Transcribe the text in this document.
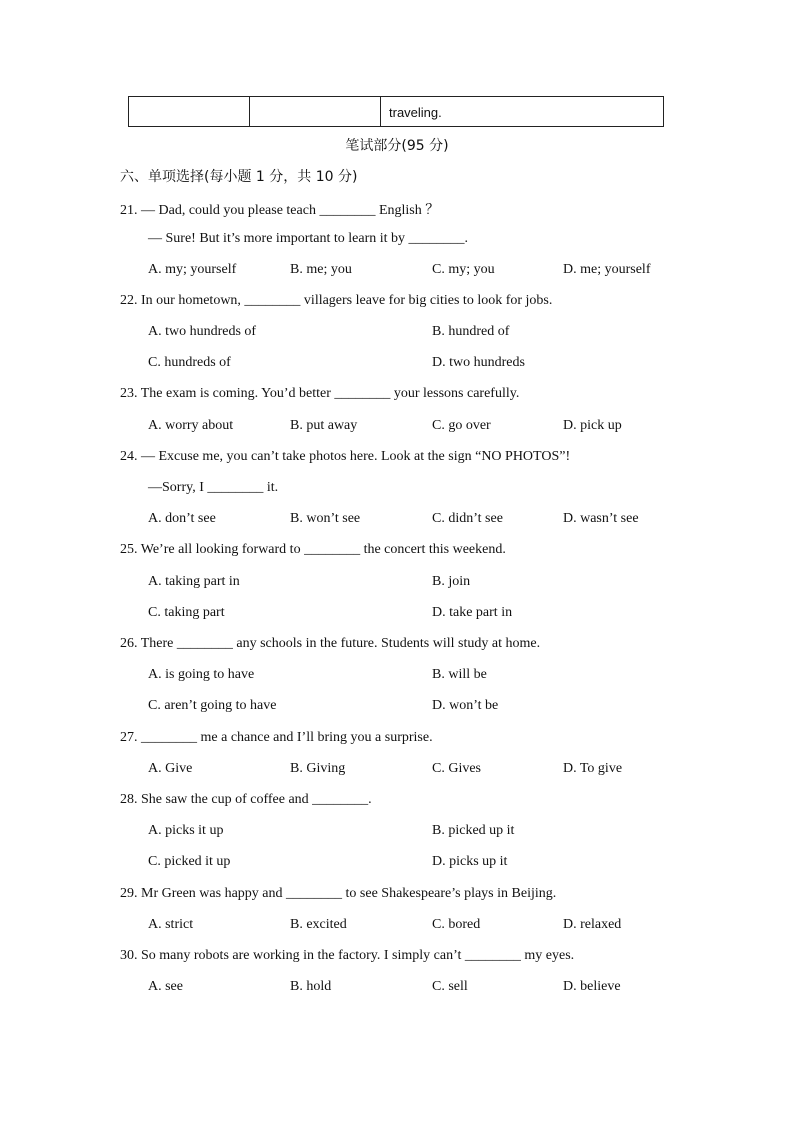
traveling.
笔试部分(95 分)
六、单项选择(每小题 1 分，共 10 分)
21. — Dad, could you please teach ________ English ？
— Sure! But it’s more important to learn it by ________.
A. my; yourself	B. me; you	C. my; you	D. me; yourself
22. In our hometown, ________ villagers leave for big cities to look for jobs.
A. two hundreds of	B. hundred of
C. hundreds of	D. two hundreds
23. The exam is coming. You’d better ________ your lessons carefully.
A. worry about	B. put away	C. go over	D. pick up
24. — Excuse me, you can’t take photos here. Look at the sign “NO PHOTOS”!
—Sorry, I ________ it.
A. don’t see	B. won’t see	C. didn’t see	D. wasn’t see
25. We’re all looking forward to ________ the concert this weekend.
A. taking part in	B. join
C. taking part	D. take part in
26. There ________ any schools in the future. Students will study at home.
A. is going to have	B. will be
C. aren’t going to have	D. won’t be
27. ________ me a chance and I’ll bring you a surprise.
A. Give	B. Giving	C. Gives	D. To give
28. She saw the cup of coffee and ________.
A. picks it up	B. picked up it
C. picked it up	D. picks up it
29. Mr Green was happy and ________ to see Shakespeare’s plays in Beijing.
A. strict	B. excited	C. bored	D. relaxed
30. So many robots are working in the factory. I simply can’t ________ my eyes.
A. see	B. hold	C. sell	D. believe
